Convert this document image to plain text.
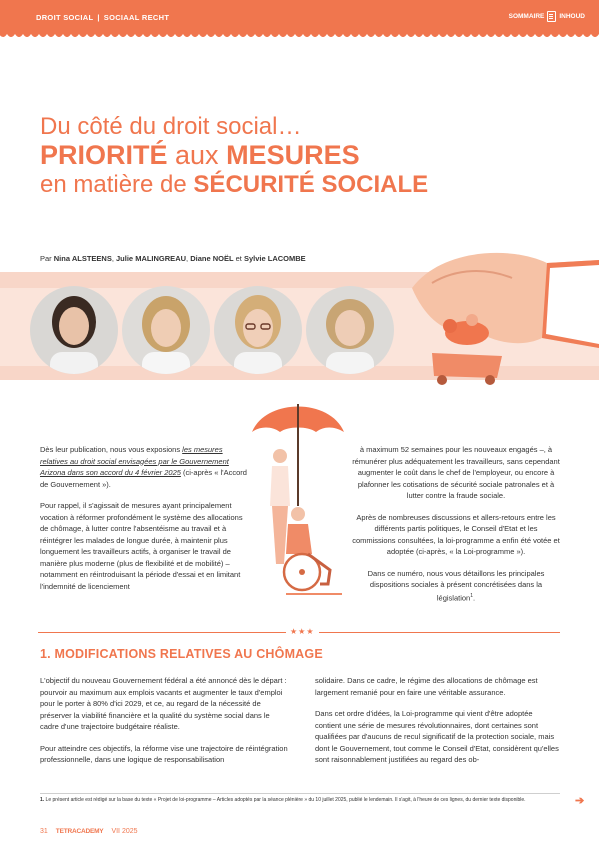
DROIT SOCIAL | SOCIAAL RECHT	SOMMAIRE INHOUD
Du côté du droit social…
PRIORITÉ aux MESURES
en matière de SÉCURITÉ SOCIALE
Par Nina ALSTEENS, Julie MALINGREAU, Diane NOËL et Sylvie LACOMBE

Dès leur publication, nous vous exposions les mesures relatives au droit social envisagées par le Gouvernement Arizona dans son accord du 4 février 2025 (ci-après « l'Accord de Gouvernement »).

Pour rappel, il s'agissait de mesures ayant principalement vocation à réformer profondément le système des allocations de chômage, à lutter contre l'absentéisme au travail et à réintégrer les malades de longue durée, à maintenir plus longuement les travailleurs actifs, à organiser le travail de manière plus moderne (plus de flexibilité et de mobilité) – notamment en réintroduisant la période d'essai et en limitant l'indemnité de licenciement

à maximum 52 semaines pour les nouveaux engagés –, à rémunérer plus adéquatement les travailleurs, sans cependant augmenter le coût dans le chef de l'employeur, ou encore à plafonner les cotisations de sécurité sociale patronales et à lutter contre la fraude sociale.

Après de nombreuses discussions et allers-retours entre les différents partis politiques, le Conseil d'Etat et les commissions consultées, la loi-programme a enfin été votée et adoptée (ci-après, « la Loi-programme »).

Dans ce numéro, nous vous détaillons les principales dispositions sociales à présent concrétisées dans la législation$^1$.

★★★
1. MODIFICATIONS RELATIVES AU CHÔMAGE

L'objectif du nouveau Gouvernement fédéral a été annoncé dès le départ : pourvoir au maximum aux emplois vacants et augmenter le taux d'emploi pour le porter à 80% d'ici 2029, et ce, au regard de la nécessité de préserver la viabilité financière et la qualité du système social dans le cadre d'une trajectoire budgétaire réaliste.

Pour atteindre ces objectifs, la réforme vise une trajectoire de réintégration professionnelle, dans une logique de responsabilisation

solidaire. Dans ce cadre, le régime des allocations de chômage est largement remanié pour en faire une véritable assurance.

Dans cet ordre d'idées, la Loi-programme qui vient d'être adoptée contient une série de mesures révolutionnaires, dont certaines sont qualifiées par d'aucuns de recul significatif de la protection sociale, mais dont le Gouvernement, tout comme le Conseil d'Etat, considèrent qu'elles sont raisonnablement justifiées au regard des ob-

1. Le présent article est rédigé sur la base du texte « Projet de loi-programme – Articles adoptés par la séance plénière » du 10 juillet 2025, publié le lendemain. Il s'agit, à l'heure de ces lignes, du dernier texte disponible.	➔
31 TETRACADEMY VII 2025
